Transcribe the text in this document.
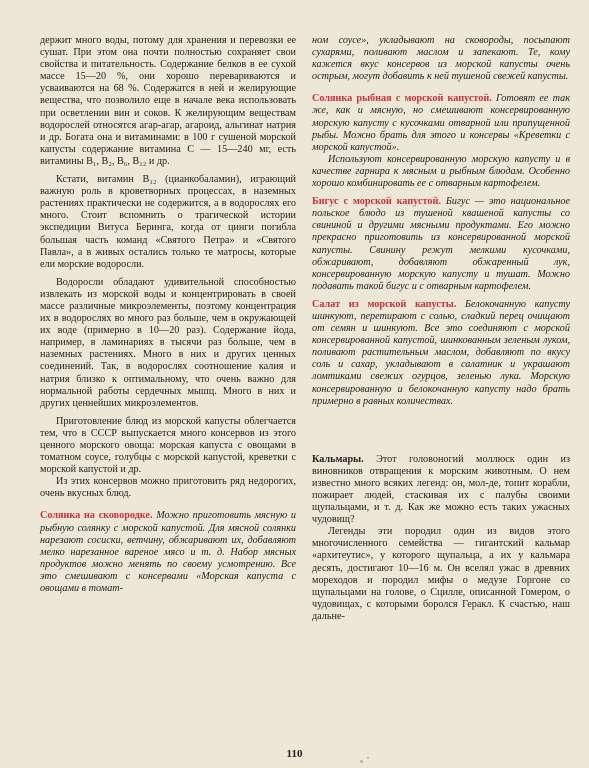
держит много воды, потому для хранения и перевозки ее сушат. При этом она почти полностью сохраняет свои свойства и питательность. Содержание белков в ее сухой массе 15—20 %, они хорошо перевариваются и усваиваются на 68 %. Содержатся в ней и желирующие вещества, что позволило еще в начале века использовать при осветлении вин и соков. К желирующим веществам водорослей относятся агар-агар, агароид, альгинат натрия и др. Богата она и витаминами: в 100 г сушеной морской капусты содержание витамина С — 15—240 мг, есть витамины B₁, B₂, B₆, B₁₂ и др.

Кстати, витамин B₁₂ (цианкобаламин), играющий важную роль в кроветворных процессах, в наземных растениях практически не содержится, а в водорослях его много. Стоит вспомнить о трагической истории экспедиции Витуса Беринга, когда от цинги погибла большая часть команд «Святого Петра» и «Святого Павла», а в живых остались только те матросы, которые ели морские водоросли.

Водоросли обладают удивительной способностью извлекать из морской воды и концентрировать в своей массе различные микроэлементы, поэтому концентрация их в водорослях во много раз больше, чем в окружающей их воде (примерно в 10—20 раз). Содержание йода, например, в ламинариях в тысячи раз больше, чем в наземных растениях. Много в них и других ценных соединений. Так, в водорослях соотношение калия и натрия близко к оптимальному, что очень важно для нормальной работы сердечных мышц. Много в них и других ценнейших микроэлементов.

Приготовление блюд из морской капусты облегчается тем, что в СССР выпускается много консервов из этого ценного морского овоща: морская капуста с овощами в томатном соусе, голубцы с морской капустой, креветки с морской капустой и др.

Из этих консервов можно приготовить ряд недорогих, очень вкусных блюд.

Солянка на сковородке. Можно приготовить мясную и рыбную солянку с морской капустой. Для мясной солянки нарезают сосиски, ветчину, обжаривают их, добавляют мелко нарезанное вареное мясо и т. д. Набор мясных продуктов можно менять по своему усмотрению. Все это смешивают с консервами «Морская капуста с овощами в томат-

ном соусе», укладывают на сковороды, посыпают сухарями, поливают маслом и запекают. Те, кому кажется вкус консервов из морской капусты очень острым, могут добавить к ней тушеной свежей капусты.

Солянка рыбная с морской капустой. Готовят ее так же, как и мясную, но смешивают консервированную морскую капусту с кусочками отварной или припущенной рыбы. Можно брать для этого и консервы «Креветки с морской капустой».

Используют консервированную морскую капусту и в качестве гарнира к мясным и рыбным блюдам. Особенно хорошо комбинировать ее с отварным картофелем.

Бигус с морской капустой. Бигус — это национальное польское блюдо из тушеной квашеной капусты со свининой и другими мясными продуктами. Его можно прекрасно приготовить из консервированной морской капусты. Свинину режут мелкими кусочками, обжаривают, добавляют обжаренный лук, консервированную морскую капусту и тушат. Можно подавать такой бигус и с отварным картофелем.

Салат из морской капусты. Белокочанную капусту шинкуют, перетирают с солью, сладкий перец очищают от семян и шинкуют. Все это соединяют с морской консервированной капустой, шинкованным зеленым луком, поливают растительным маслом, добавляют по вкусу соль и сахар, укладывают в салатник и украшают ломтиками свежих огурцов, зеленью лука. Морскую консервированную и белокочанную капусту надо брать примерно в равных количествах.

Кальмары. Этот головоногий моллюск один из виновников отвращения к морским животным. О нем известно много всяких легенд: он, мол-де, топит корабли, пожирает людей, стаскивая их с палубы своими щупальцами, и т. д. Как же можно есть таких ужасных чудовищ?

Легенды эти породил один из видов этого многочисленного семейства — гигантский кальмар «архитеутис», у которого щупальца, а их у кальмара десять, достигают 10—16 м. Он вселял ужас в древних мореходов и породил мифы о медузе Горгоне со щупальцами на голове, о Сцилле, описанной Гомером, о чудовищах, с которыми боролся Геракл. К счастью, наш дальне-

110
